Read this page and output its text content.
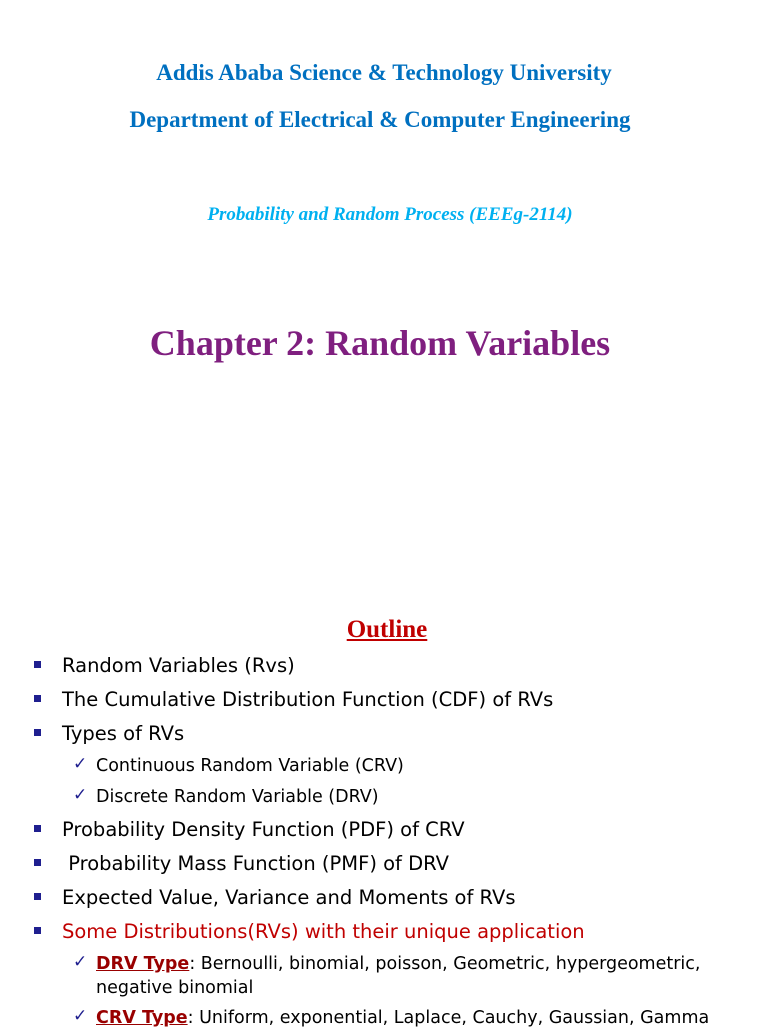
Addis Ababa Science & Technology University
Department of Electrical & Computer Engineering
Probability and Random Process (EEEg-2114)
Chapter 2: Random Variables
Outline
Random Variables (Rvs)
The Cumulative Distribution Function (CDF) of RVs
Types of RVs
✓ Continuous Random Variable (CRV)
✓ Discrete Random Variable (DRV)
Probability Density Function (PDF) of CRV
Probability Mass Function (PMF) of DRV
Expected Value, Variance and Moments of RVs
Some Distributions(RVs) with their unique application
✓ DRV Type: Bernoulli, binomial, poisson, Geometric, hypergeometric,
negative binomial
✓ CRV Type: Uniform, exponential, Laplace, Cauchy, Gaussian, Gamma
